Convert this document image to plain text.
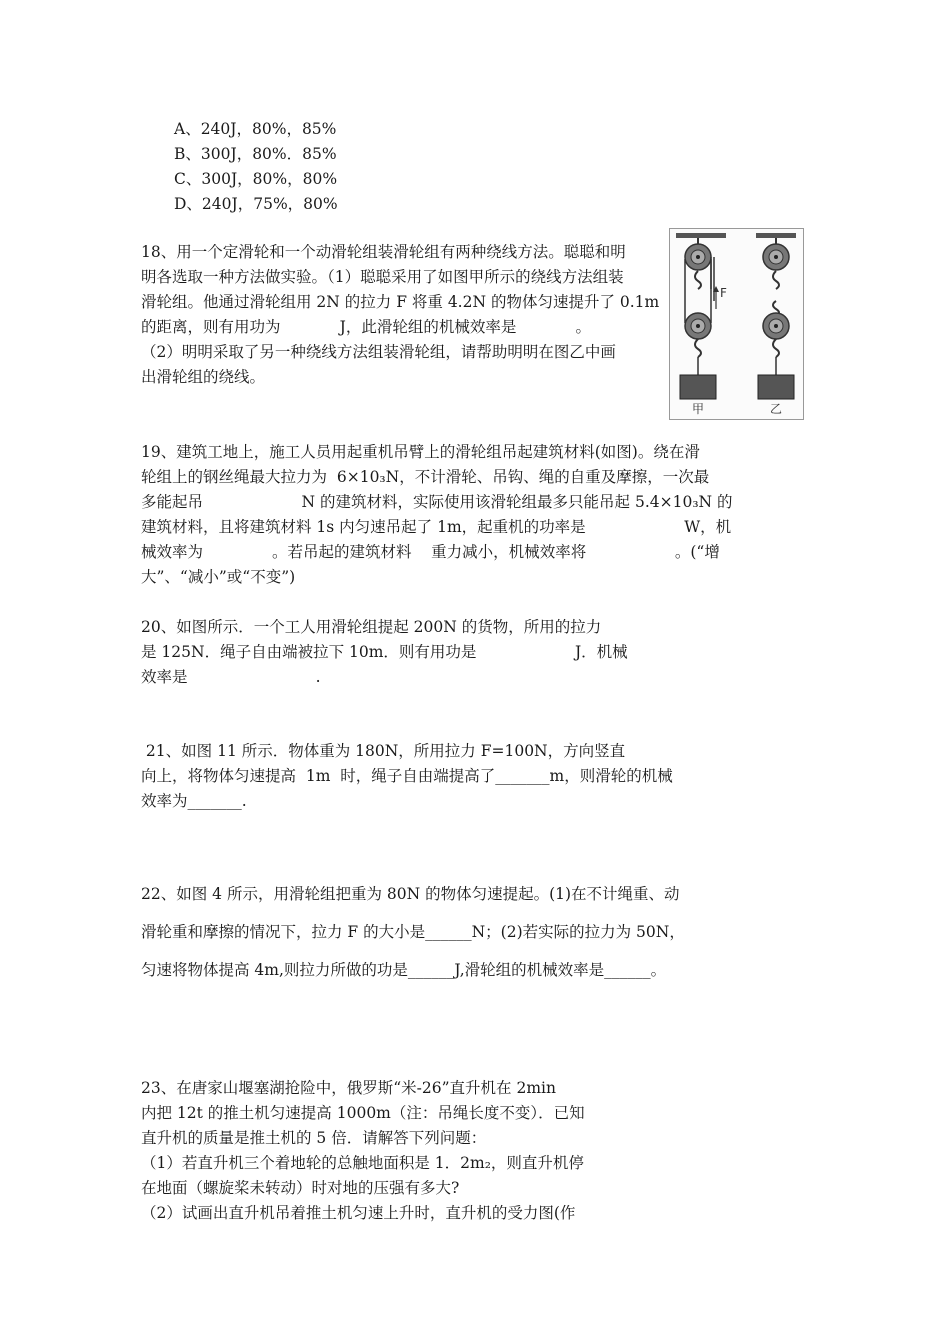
A、240J，80%，85%
B、300J，80%．85%
C、300J，80%，80%
D、240J，75%，80%
18、用一个定滑轮和一个动滑轮组装滑轮组有两种绕线方法。聪聪和明
明各选取一种方法做实验。（1）聪聪采用了如图甲所示的绕线方法组装
滑轮组。他通过滑轮组用 2N 的拉力 F 将重 4.2N 的物体匀速提升了 0.1m
的距离，则有用功为            J，此滑轮组的机械效率是            。
（2）明明采取了另一种绕线方法组装滑轮组，请帮助明明在图乙中画
出滑轮组的绕线。
F
甲	乙
19、建筑工地上，施工人员用起重机吊臂上的滑轮组吊起建筑材料(如图)。绕在滑
轮组上的钢丝绳最大拉力为  6×10₃N，不计滑轮、吊钩、绳的自重及摩擦，一次最
多能起吊                    N 的建筑材料，实际使用该滑轮组最多只能吊起 5.4×10₃N 的
建筑材料，且将建筑材料 1s 内匀速吊起了 1m，起重机的功率是                    W，机
械效率为              。若吊起的建筑材料    重力减小，机械效率将                  。(“增
大”、“减小”或“不变”)
20、如图所示．一个工人用滑轮组提起 200N 的货物，所用的拉力
是 125N．绳子自由端被拉下 10m．则有用功是                    J．机械
效率是                          .
21、如图 11 所示．物体重为 180N，所用拉力 F=100N，方向竖直
向上，将物体匀速提高  1m  时，绳子自由端提高了_______m，则滑轮的机械
效率为_______.
22、如图 4 所示，用滑轮组把重为 80N 的物体匀速提起。(1)在不计绳重、动
滑轮重和摩擦的情况下，拉力 F 的大小是______N；(2)若实际的拉力为 50N，
匀速将物体提高 4m,则拉力所做的功是______J,滑轮组的机械效率是______。
23、在唐家山堰塞湖抢险中，俄罗斯“米-26”直升机在 2min
内把 12t 的推土机匀速提高 1000m（注：吊绳长度不变）．已知
直升机的质量是推土机的 5 倍．请解答下列问题：
（1）若直升机三个着地轮的总触地面积是 1．2m₂，则直升机停
在地面（螺旋桨未转动）时对地的压强有多大?
（2）试画出直升机吊着推土机匀速上升时，直升机的受力图(作
